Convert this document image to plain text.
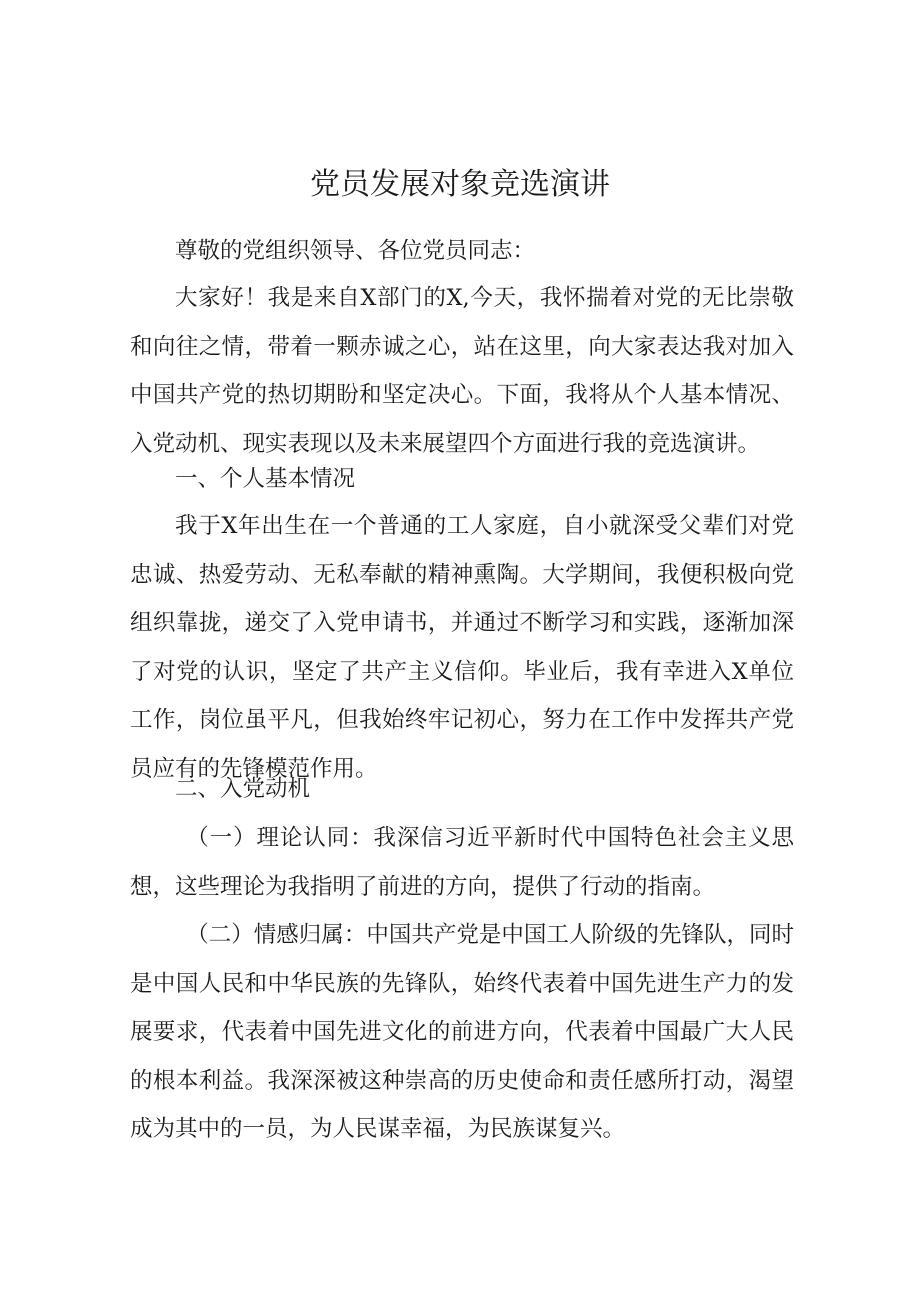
党员发展对象竞选演讲

尊敬的党组织领导、各位党员同志：

大家好！我是来自X部门的X,今天，我怀揣着对党的无比崇敬和向往之情，带着一颗赤诚之心，站在这里，向大家表达我对加入中国共产党的热切期盼和坚定决心。下面，我将从个人基本情况、入党动机、现实表现以及未来展望四个方面进行我的竞选演讲。

一、个人基本情况

我于X年出生在一个普通的工人家庭，自小就深受父辈们对党忠诚、热爱劳动、无私奉献的精神熏陶。大学期间，我便积极向党组织靠拢，递交了入党申请书，并通过不断学习和实践，逐渐加深了对党的认识，坚定了共产主义信仰。毕业后，我有幸进入X单位工作，岗位虽平凡，但我始终牢记初心，努力在工作中发挥共产党员应有的先锋模范作用。

二、入党动机

（一）理论认同：我深信习近平新时代中国特色社会主义思想，这些理论为我指明了前进的方向，提供了行动的指南。

（二）情感归属：中国共产党是中国工人阶级的先锋队，同时是中国人民和中华民族的先锋队，始终代表着中国先进生产力的发展要求，代表着中国先进文化的前进方向，代表着中国最广大人民的根本利益。我深深被这种崇高的历史使命和责任感所打动，渴望成为其中的一员，为人民谋幸福，为民族谋复兴。
